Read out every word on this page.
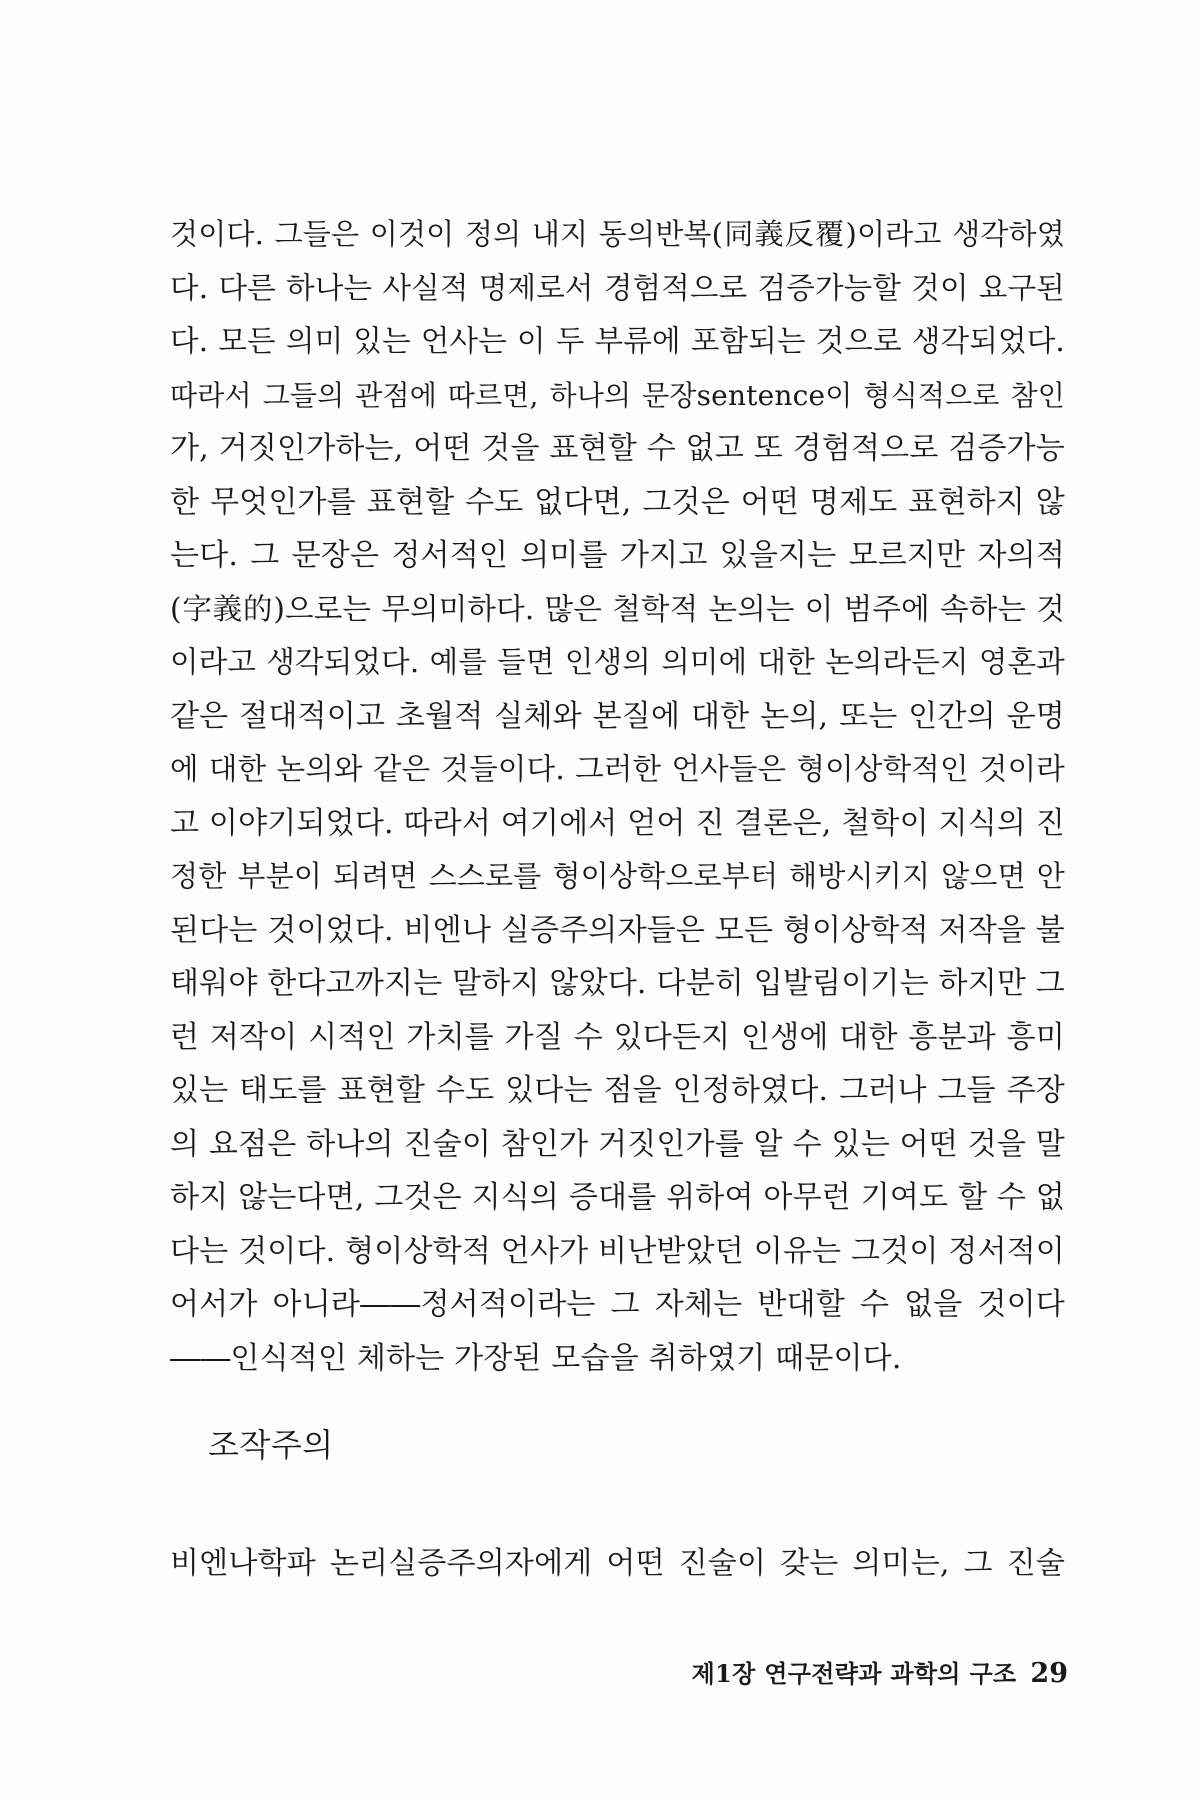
것이다. 그들은 이것이 정의 내지 동의반복(同義反覆)이라고 생각하였
다. 다른 하나는 사실적 명제로서 경험적으로 검증가능할 것이 요구된
다. 모든 의미 있는 언사는 이 두 부류에 포함되는 것으로 생각되었다.
따라서 그들의 관점에 따르면, 하나의 문장sentence이 형식적으로 참인
가, 거짓인가하는, 어떤 것을 표현할 수 없고 또 경험적으로 검증가능
한 무엇인가를 표현할 수도 없다면, 그것은 어떤 명제도 표현하지 않
는다. 그 문장은 정서적인 의미를 가지고 있을지는 모르지만 자의적
(字義的)으로는 무의미하다. 많은 철학적 논의는 이 범주에 속하는 것
이라고 생각되었다. 예를 들면 인생의 의미에 대한 논의라든지 영혼과
같은 절대적이고 초월적 실체와 본질에 대한 논의, 또는 인간의 운명
에 대한 논의와 같은 것들이다. 그러한 언사들은 형이상학적인 것이라
고 이야기되었다. 따라서 여기에서 얻어 진 결론은, 철학이 지식의 진
정한 부분이 되려면 스스로를 형이상학으로부터 해방시키지 않으면 안
된다는 것이었다. 비엔나 실증주의자들은 모든 형이상학적 저작을 불
태워야 한다고까지는 말하지 않았다. 다분히 입발림이기는 하지만 그
런 저작이 시적인 가치를 가질 수 있다든지 인생에 대한 흥분과 흥미
있는 태도를 표현할 수도 있다는 점을 인정하였다. 그러나 그들 주장
의 요점은 하나의 진술이 참인가 거짓인가를 알 수 있는 어떤 것을 말
하지 않는다면, 그것은 지식의 증대를 위하여 아무런 기여도 할 수 없
다는 것이다. 형이상학적 언사가 비난받았던 이유는 그것이 정서적이
어서가 아니라――정서적이라는 그 자체는 반대할 수 없을 것이다
――인식적인 체하는 가장된 모습을 취하였기 때문이다.
조작주의
비엔나학파 논리실증주의자에게 어떤 진술이 갖는 의미는, 그 진술
제1장 연구전략과 과학의 구조 29
